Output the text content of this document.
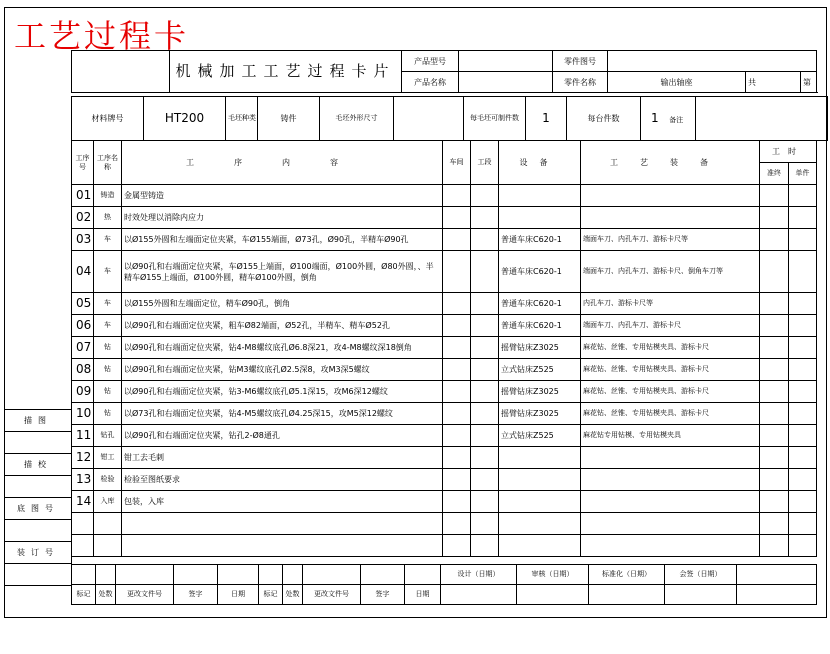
工艺过程卡
描图

描校

底图号

装订号

	机械加工工艺过程卡片	产品型号		零件图号			
		产品名称		零件名称	输出轴座	共	第
材料牌号	HT200	毛坯种类	铸件	毛坯外形尺寸		每毛坯可制件数	1	每台件数	1 备注	
工序号	工序名称	工序内容	车间	工段	设备	工艺装备	工时	
							准终	单件
01	铸造	金属型铸造						
02	热	时效处理以消除内应力						
03	车	以Ø155外圆和左端面定位夹紧，车Ø155端面，Ø73孔，Ø90孔，半精车Ø90孔			普通车床C620-1	端面车刀、内孔车刀、游标卡尺等		
04	车	以Ø90孔和右端面定位夹紧，车Ø155上端面，Ø100端面，Ø100外圆，Ø80外圆，、半精车Ø155上端面，Ø100外圆，精车Ø100外圆，倒角			普通车床C620-1	端面车刀、内孔车刀、游标卡尺、倒角车刀等		
05	车	以Ø155外圆和左端面定位，精车Ø90孔，倒角			普通车床C620-1	内孔车刀、游标卡尺等		
06	车	以Ø90孔和右端面定位夹紧，粗车Ø82端面，Ø52孔，半精车、精车Ø52孔			普通车床C620-1	端面车刀、内孔车刀、游标卡尺		
07	钻	以Ø90孔和右端面定位夹紧，钻4-M8螺纹底孔Ø6.8深21，攻4-M8螺纹深18倒角			摇臂钻床Z3025	麻花钻、丝锥、专用钻模夹具、游标卡尺		
08	钻	以Ø90孔和右端面定位夹紧，钻M3螺纹底孔Ø2.5深8，攻M3深5螺纹			立式钻床Z525	麻花钻、丝锥、专用钻模夹具、游标卡尺		
09	钻	以Ø90孔和右端面定位夹紧，钻3-M6螺纹底孔Ø5.1深15，攻M6深12螺纹			摇臂钻床Z3025	麻花钻、丝锥、专用钻模夹具、游标卡尺		
10	钻	以Ø73孔和右端面定位夹紧，钻4-M5螺纹底孔Ø4.25深15，攻M5深12螺纹			摇臂钻床Z3025	麻花钻、丝锥、专用钻模夹具、游标卡尺		
11	钻孔	以Ø90孔和右端面定位夹紧，钻孔2-Ø8通孔			立式钻床Z525	麻花钻专用钻模、专用钻模夹具		
12	钳工	钳工去毛刺						
13	检验	检验至图纸要求						
14	入库	包装，入库						

										设计（日期）	审核（日期）	标准化（日期）	会签（日期）	
标记	处数	更改文件号	签字	日期	标记	处数	更改文件号	签字	日期					
